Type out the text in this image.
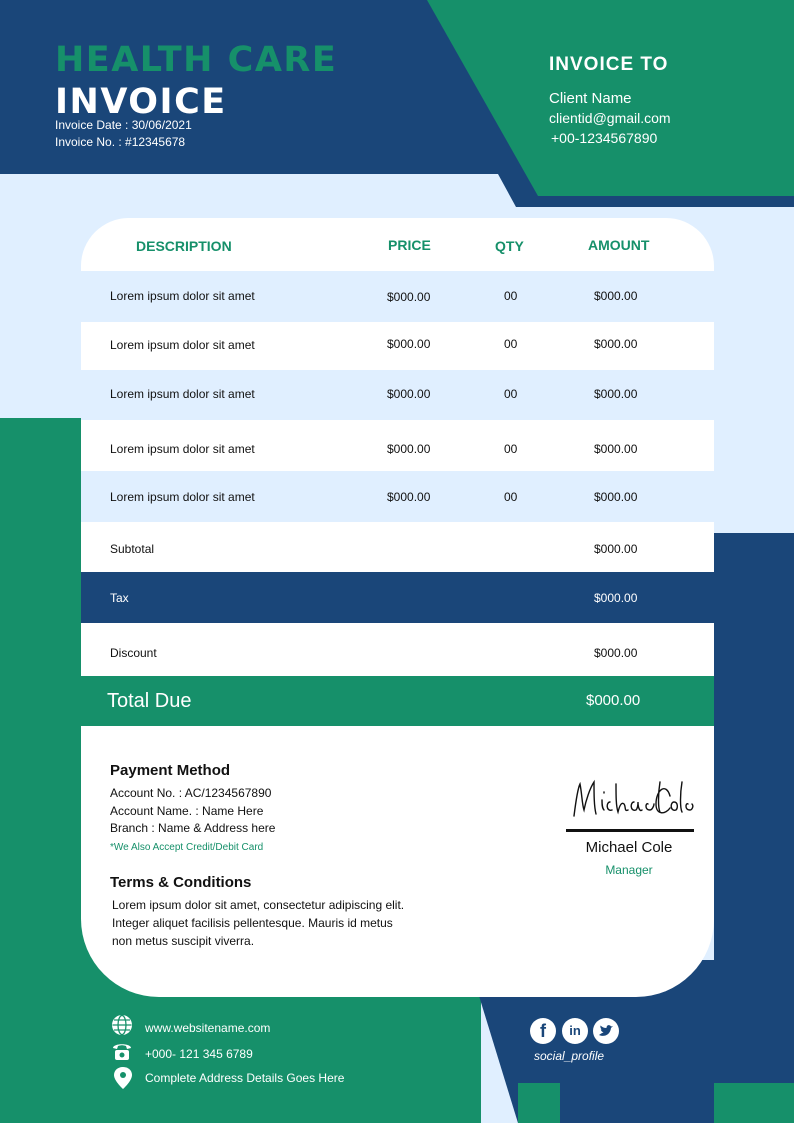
HEALTH CARE
INVOICE
Invoice Date : 30/06/2021
Invoice No. : #12345678
INVOICE TO
Client Name
clientid@gmail.com
+00-1234567890
DESCRIPTION	PRICE	QTY	AMOUNT
Lorem ipsum dolor sit amet	$000.00	00	$000.00
Lorem ipsum dolor sit amet	$000.00	00	$000.00
Lorem ipsum dolor sit amet	$000.00	00	$000.00
Lorem ipsum dolor sit amet	$000.00	00	$000.00
Lorem ipsum dolor sit amet	$000.00	00	$000.00
Subtotal	$000.00
Tax	$000.00
Discount	$000.00
Total Due	$000.00
Payment Method
Account No. : AC/1234567890
Account Name. : Name Here
Branch : Name & Address here
*We Also Accept Credit/Debit Card
Terms & Conditions
Lorem ipsum dolor sit amet, consectetur adipiscing elit. Integer aliquet facilisis pellentesque. Mauris id metus non metus suscipit viverra.
Michael Cole
Manager
www.websitename.com
+000- 121 345 6789
Complete Address Details Goes Here
f	in
social_profile
